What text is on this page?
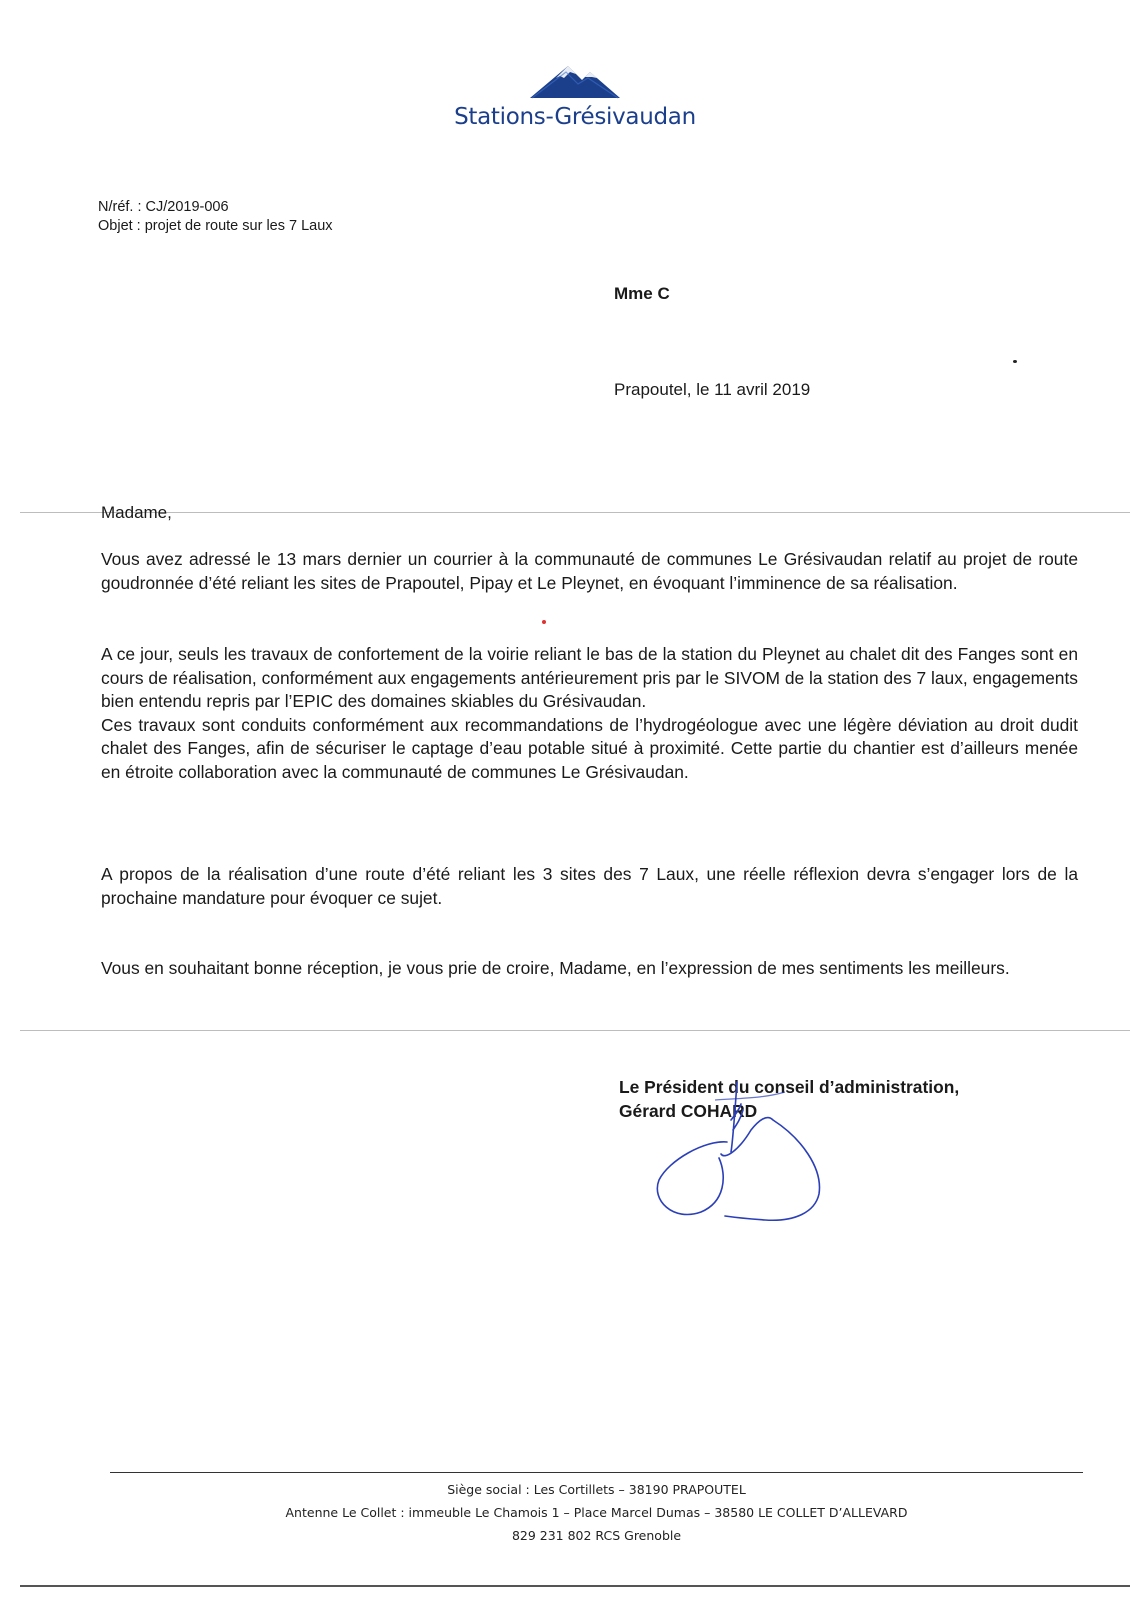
Stations-Grésivaudan
N/réf. : CJ/2019-006
Objet : projet de route sur les 7 Laux
Mme C
Prapoutel, le 11 avril 2019
Madame,

Vous avez adressé le 13 mars dernier un courrier à la communauté de communes Le Grésivaudan relatif au projet de route goudronnée d’été reliant les sites de Prapoutel, Pipay et Le Pleynet, en évoquant l’imminence de sa réalisation.

A ce jour, seuls les travaux de confortement de la voirie reliant le bas de la station du Pleynet au chalet dit des Fanges sont en cours de réalisation, conformément aux engagements antérieurement pris par le SIVOM de la station des 7 laux, engagements bien entendu repris par l’EPIC des domaines skiables du Grésivaudan.

Ces travaux sont conduits conformément aux recommandations de l’hydrogéologue avec une légère déviation au droit dudit chalet des Fanges, afin de sécuriser le captage d’eau potable situé à proximité. Cette partie du chantier est d’ailleurs menée en étroite collaboration avec la communauté de communes Le Grésivaudan.

A propos de la réalisation d’une route d’été reliant les 3 sites des 7 Laux, une réelle réflexion devra s’engager lors de la prochaine mandature pour évoquer ce sujet.

Vous en souhaitant bonne réception, je vous prie de croire, Madame, en l’expression de mes sentiments les meilleurs.

Le Président du conseil d’administration,
Gérard COHARD
Siège social : Les Cortillets – 38190 PRAPOUTEL
Antenne Le Collet : immeuble Le Chamois 1 – Place Marcel Dumas – 38580 LE COLLET D’ALLEVARD
829 231 802 RCS Grenoble
